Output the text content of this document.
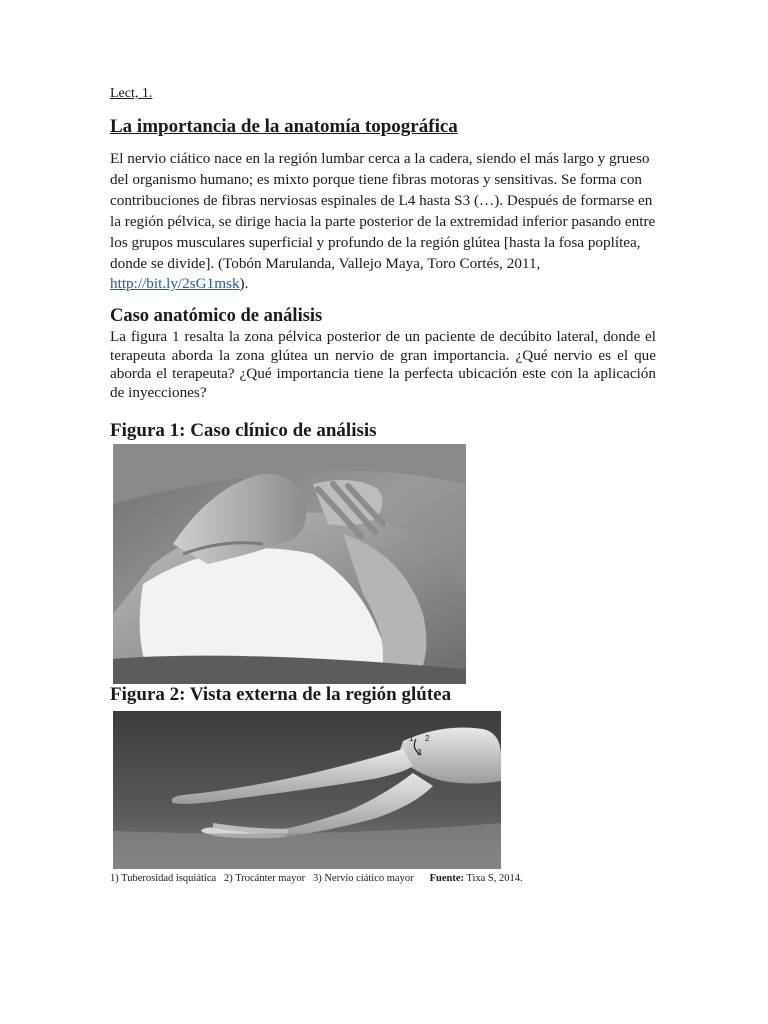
Lect, 1.
La importancia de la anatomía topográfica

El nervio ciático nace en la región lumbar cerca a la cadera, siendo el más largo y grueso del organismo humano; es mixto porque tiene fibras motoras y sensitivas. Se forma con contribuciones de fibras nerviosas espinales de L4 hasta S3 (…). Después de formarse en la región pélvica, se dirige hacia la parte posterior de la extremidad inferior pasando entre los grupos musculares superficial y profundo de la región glútea [hasta la fosa poplítea, donde se divide]. (Tobón Marulanda, Vallejo Maya, Toro Cortés, 2011, http://bit.ly/2sG1msk).

Caso anatómico de análisis

La figura 1 resalta la zona pélvica posterior de un paciente de decúbito lateral, donde el terapeuta aborda la zona glútea un nervio de gran importancia. ¿Qué nervio es el que aborda el terapeuta? ¿Qué importancia tiene la perfecta ubicación este con la aplicación de inyecciones?

Figura 1: Caso clínico de análisis
Figura 2: Vista externa de la región glútea
1 2
3
1) Tuberosidad isquiática   2) Trocánter mayor   3) Nervio ciático mayor Fuente: Tixa S, 2014.
